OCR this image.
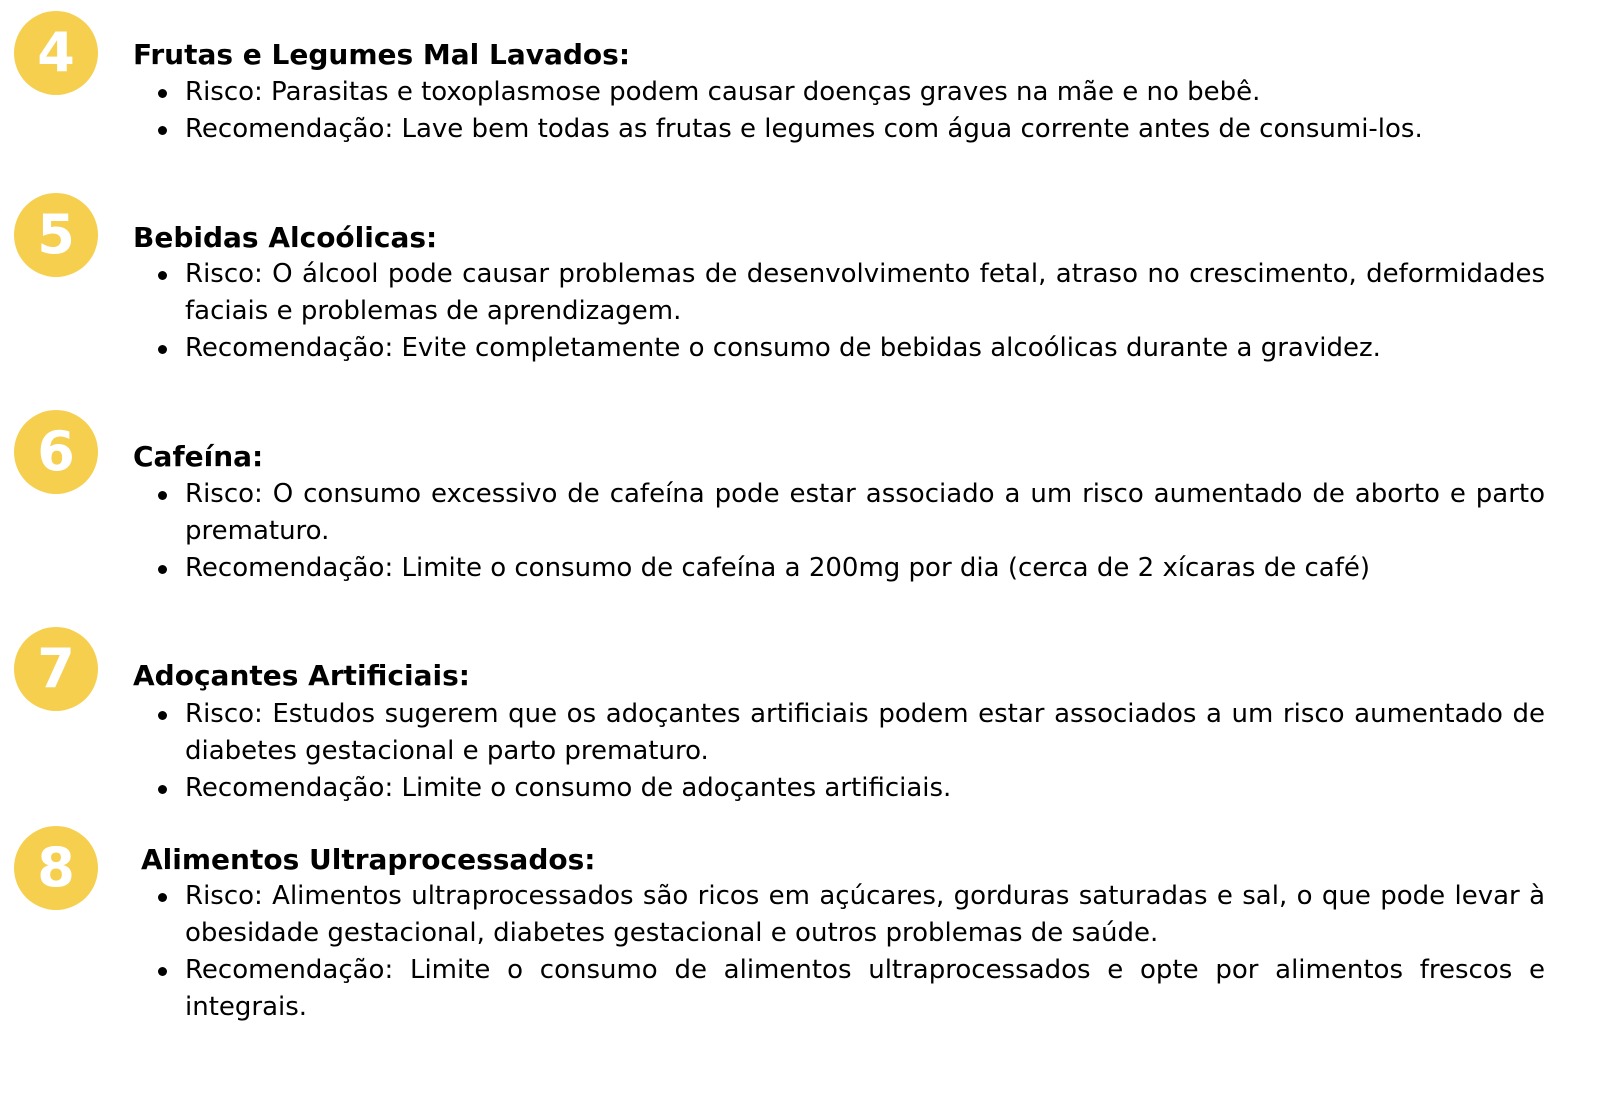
4	Frutas e Legumes Mal Lavados:
Risco: Parasitas e toxoplasmose podem causar doenças graves na mãe e no bebê.
Recomendação: Lave bem todas as frutas e legumes com água corrente antes de consumi-los.
5	Bebidas Alcoólicas:
Risco: O álcool pode causar problemas de desenvolvimento fetal, atraso no crescimento, deformidades faciais e problemas de aprendizagem.
Recomendação: Evite completamente o consumo de bebidas alcoólicas durante a gravidez.
6	Cafeína:
Risco: O consumo excessivo de cafeína pode estar associado a um risco aumentado de aborto e parto prematuro.
Recomendação: Limite o consumo de cafeína a 200mg por dia (cerca de 2 xícaras de café)
7	Adoçantes Artificiais:
Risco: Estudos sugerem que os adoçantes artificiais podem estar associados a um risco aumentado de diabetes gestacional e parto prematuro.
Recomendação: Limite o consumo de adoçantes artificiais.
8	Alimentos Ultraprocessados:
Risco: Alimentos ultraprocessados são ricos em açúcares, gorduras saturadas e sal, o que pode levar à obesidade gestacional, diabetes gestacional e outros problemas de saúde.
Recomendação: Limite o consumo de alimentos ultraprocessados e opte por alimentos frescos e integrais.
